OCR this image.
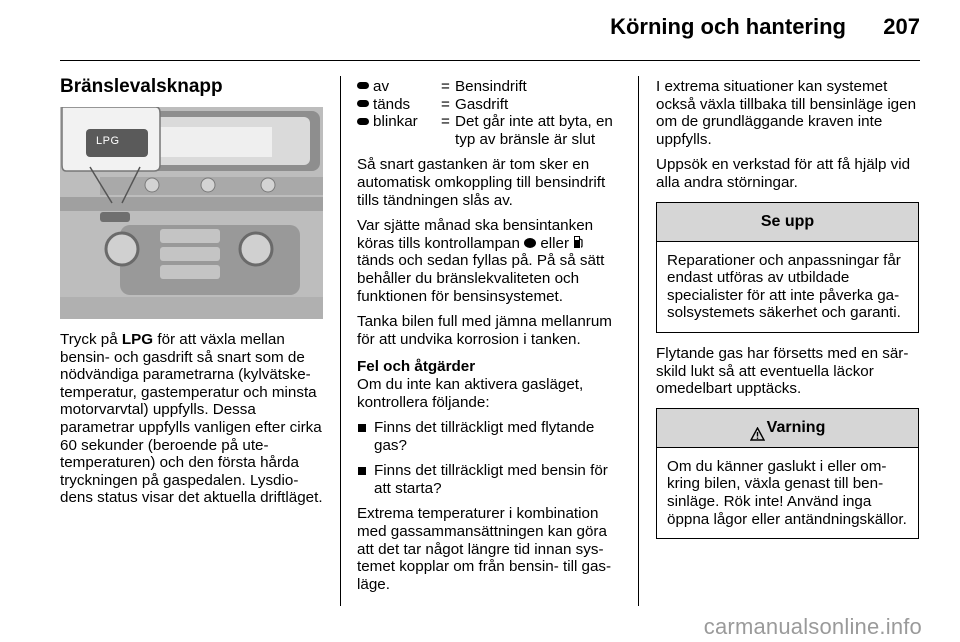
Körning och hantering 207
Bränslevalsknapp
LPG

Tryck på LPG för att växla mellan bensin- och gasdrift så snart som de nödvändiga parametrarna (kylvätsketemperatur, gastemperatur och minsta motorvarvtal) uppfylls. Dessa parametrar uppfylls vanligen efter cirka 60 sekunder (beroende på utetemperaturen) och den första hårda tryckningen på gaspedalen. Lysdiodens status visar det aktuella driftläget.

av	=	Bensindrift
tänds	=	Gasdrift
blinkar	=	Det går inte att byta, en typ av bränsle är slut

Så snart gastanken är tom sker en automatisk omkoppling till bensindrift tills tändningen slås av.

Var sjätte månad ska bensintanken köras tills kontrollampan  eller  tänds och sedan fyllas på. På så sätt behåller du bränslekvaliteten och funktionen för bensinsystemet.

Tanka bilen full med jämna mellanrum för att undvika korrosion i tanken.

Fel och åtgärder

Om du inte kan aktivera gasläget, kontrollera följande:

Finns det tillräckligt med flytande gas?
Finns det tillräckligt med bensin för att starta?

Extrema temperaturer i kombination med gassammansättningen kan göra att det tar något längre tid innan systemet kopplar om från bensin- till gasläge.

I extrema situationer kan systemet också växla tillbaka till bensinläge igen om de grundläggande kraven inte uppfylls.

Uppsök en verkstad för att få hjälp vid alla andra störningar.

Se upp
Reparationer och anpassningar får endast utföras av utbildade specialister för att inte påverka gasolsystemets säkerhet och garanti.

Flytande gas har försetts med en särskild lukt så att eventuella läckor omedelbart upptäcks.

Varning
Om du känner gaslukt i eller omkring bilen, växla genast till bensinläge. Rök inte! Använd inga öppna lågor eller antändningskällor.
carmanualsonline.info
